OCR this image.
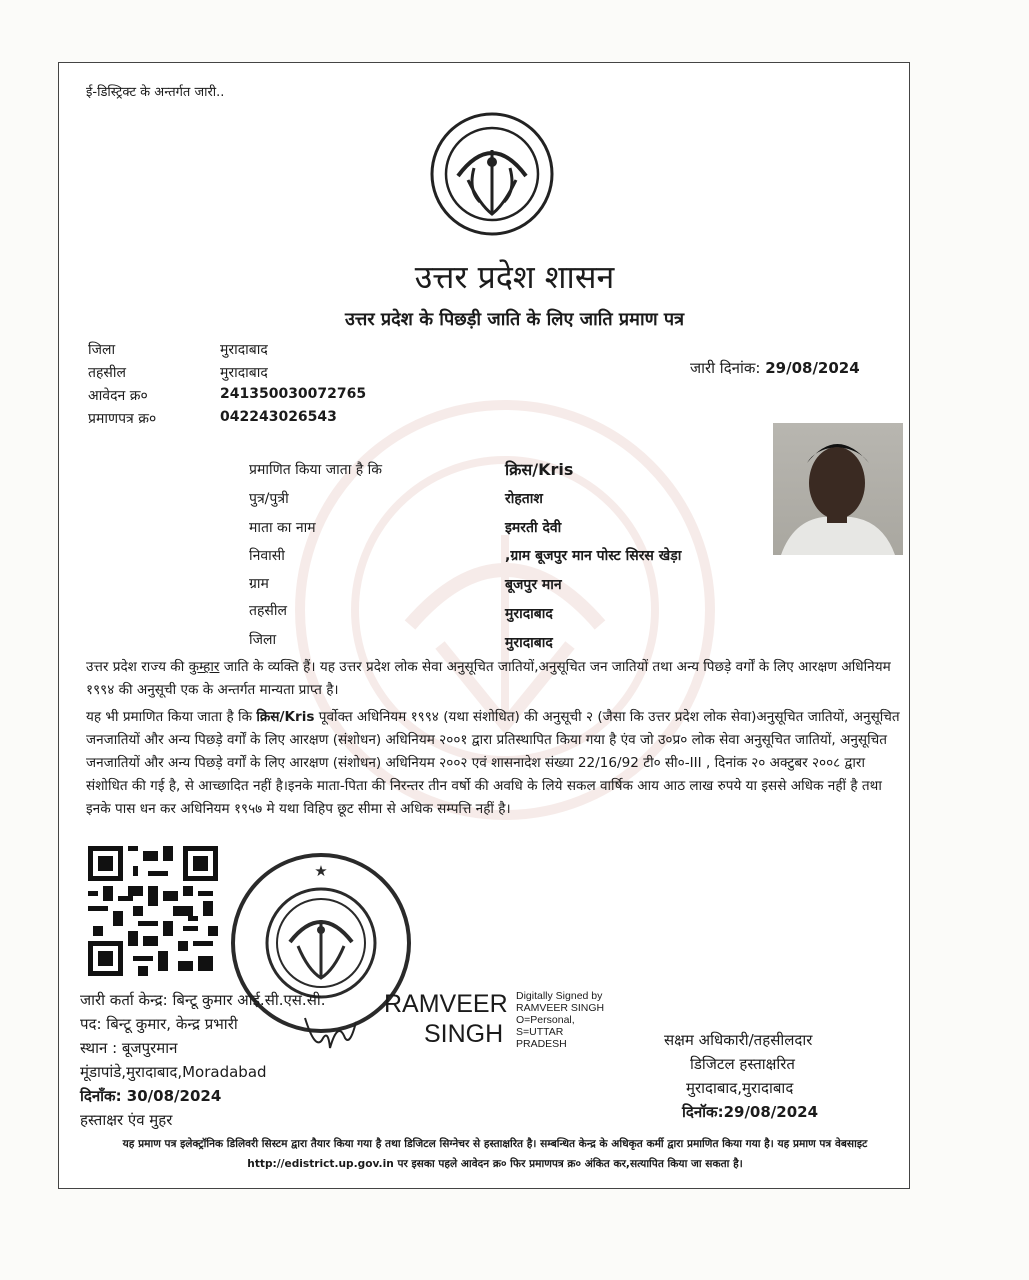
ई-डिस्ट्रिक्ट के अन्तर्गत जारी..
उत्तर प्रदेश शासन
उत्तर प्रदेश के पिछड़ी जाति के लिए जाति प्रमाण पत्र
जिला	मुरादाबाद
तहसील	मुरादाबाद
आवेदन क्र०	241350030072765
प्रमाणपत्र क्र०	042243026543
जारी दिनांक: 29/08/2024
प्रमाणित किया जाता है कि	क्रिस/Kris
पुत्र/पुत्री	रोहताश
माता का नाम	इमरती देवी
निवासी	,ग्राम बूजपुर मान पोस्ट सिरस खेड़ा
ग्राम	बूजपुर मान
तहसील	मुरादाबाद
जिला	मुरादाबाद

उत्तर प्रदेश राज्य की कुम्हार जाति के व्यक्ति हैं। यह उत्तर प्रदेश लोक सेवा अनुसूचित जातियों,अनुसूचित जन जातियों तथा अन्य पिछड़े वर्गों के लिए आरक्षण अधिनियम १९९४ की अनुसूची एक के अन्तर्गत मान्यता प्राप्त है।

यह भी प्रमाणित किया जाता है कि क्रिस/Kris पूर्वोक्त अधिनियम १९९४ (यथा संशोधित) की अनुसूची २ (जैसा कि उत्तर प्रदेश लोक सेवा)अनुसूचित जातियों, अनुसूचित जनजातियों और अन्य पिछड़े वर्गों के लिए आरक्षण (संशोधन) अधिनियम २००१ द्वारा प्रतिस्थापित किया गया है एंव जो उ०प्र० लोक सेवा अनुसूचित जातियों, अनुसूचित जनजातियों और अन्य पिछड़े वर्गों के लिए आरक्षण (संशोधन) अधिनियम २००२ एवं शासनादेश संख्या 22/16/92 टी० सी०-III , दिनांक २० अक्टुबर २००८ द्वारा संशोधित की गई है, से आच्छादित नहीं है।इनके माता-पिता की निरन्तर तीन वर्षो की अवधि के लिये सकल वार्षिक आय आठ लाख रुपये या इससे अधिक नहीं है तथा इनके पास धन कर अधिनियम १९५७ मे यथा विहिप छूट सीमा से अधिक सम्पत्ति नहीं है।

★
जारी कर्ता केन्द्र: बिन्टू कुमार आई.सी.एस.सी.
पद: बिन्टू कुमार, केन्द्र प्रभारी
स्थान : बूजपुरमान
मूंडापांडे,मुरादाबाद,Moradabad
दिनाँक: 30/08/2024
हस्ताक्षर एंव मुहर
RAMVEER
SINGH
Digitally Signed by
RAMVEER SINGH
O=Personal,
S=UTTAR
PRADESH	सक्षम अधिकारी/तहसीलदार
डिजिटल हस्ताक्षरित
मुरादाबाद,मुरादाबाद
दिनॉक:29/08/2024
यह प्रमाण पत्र इलेक्ट्रॉनिक डिलिवरी सिस्टम द्वारा तैयार किया गया है तथा डिजिटल सिग्नेचर से हस्ताक्षरित है। सम्बन्धित केन्द्र के अधिकृत कर्मी द्वारा प्रमाणित किया गया है। यह प्रमाण पत्र वेबसाइट http://edistrict.up.gov.in पर इसका पहले आवेदन क्र० फिर प्रमाणपत्र क्र० अंकित कर,सत्यापित किया जा सकता है।
